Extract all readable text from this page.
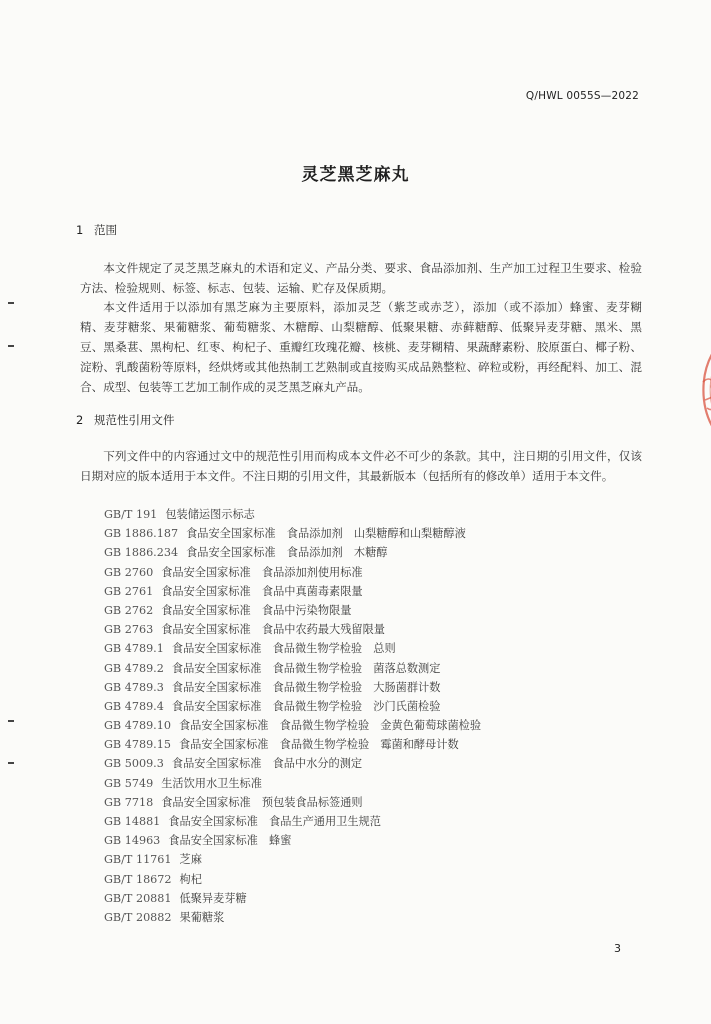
Q/HWL 0055S—2022
灵芝黑芝麻丸
1 范围

本文件规定了灵芝黑芝麻丸的术语和定义、产品分类、要求、食品添加剂、生产加工过程卫生要求、检验方法、检验规则、标签、标志、包装、运输、贮存及保质期。

本文件适用于以添加有黑芝麻为主要原料，添加灵芝（紫芝或赤芝），添加（或不添加）蜂蜜、麦芽糊精、麦芽糖浆、果葡糖浆、葡萄糖浆、木糖醇、山梨糖醇、低聚果糖、赤藓糖醇、低聚异麦芽糖、黑米、黑豆、黑桑葚、黑枸杞、红枣、枸杞子、重瓣红玫瑰花瓣、核桃、麦芽糊精、果蔬酵素粉、胶原蛋白、椰子粉、淀粉、乳酸菌粉等原料，经烘烤或其他热制工艺熟制或直接购买成品熟整粒、碎粒或粉，再经配料、加工、混合、成型、包装等工艺加工制作成的灵芝黑芝麻丸产品。

2 规范性引用文件

下列文件中的内容通过文中的规范性引用而构成本文件必不可少的条款。其中，注日期的引用文件，仅该日期对应的版本适用于本文件。不注日期的引用文件，其最新版本（包括所有的修改单）适用于本文件。

GB/T 191 包装储运图示标志
GB 1886.187 食品安全国家标准　食品添加剂　山梨糖醇和山梨糖醇液
GB 1886.234 食品安全国家标准　食品添加剂　木糖醇
GB 2760 食品安全国家标准　食品添加剂使用标准
GB 2761 食品安全国家标准　食品中真菌毒素限量
GB 2762 食品安全国家标准　食品中污染物限量
GB 2763 食品安全国家标准　食品中农药最大残留限量
GB 4789.1 食品安全国家标准　食品微生物学检验　总则
GB 4789.2 食品安全国家标准　食品微生物学检验　菌落总数测定
GB 4789.3 食品安全国家标准　食品微生物学检验　大肠菌群计数
GB 4789.4 食品安全国家标准　食品微生物学检验　沙门氏菌检验
GB 4789.10 食品安全国家标准　食品微生物学检验　金黄色葡萄球菌检验
GB 4789.15 食品安全国家标准　食品微生物学检验　霉菌和酵母计数
GB 5009.3 食品安全国家标准　食品中水分的测定
GB 5749 生活饮用水卫生标准
GB 7718 食品安全国家标准　预包装食品标签通则
GB 14881 食品安全国家标准　食品生产通用卫生规范
GB 14963 食品安全国家标准　蜂蜜
GB/T 11761 芝麻
GB/T 18672 枸杞
GB/T 20881 低聚异麦芽糖
GB/T 20882 果葡糖浆
3
